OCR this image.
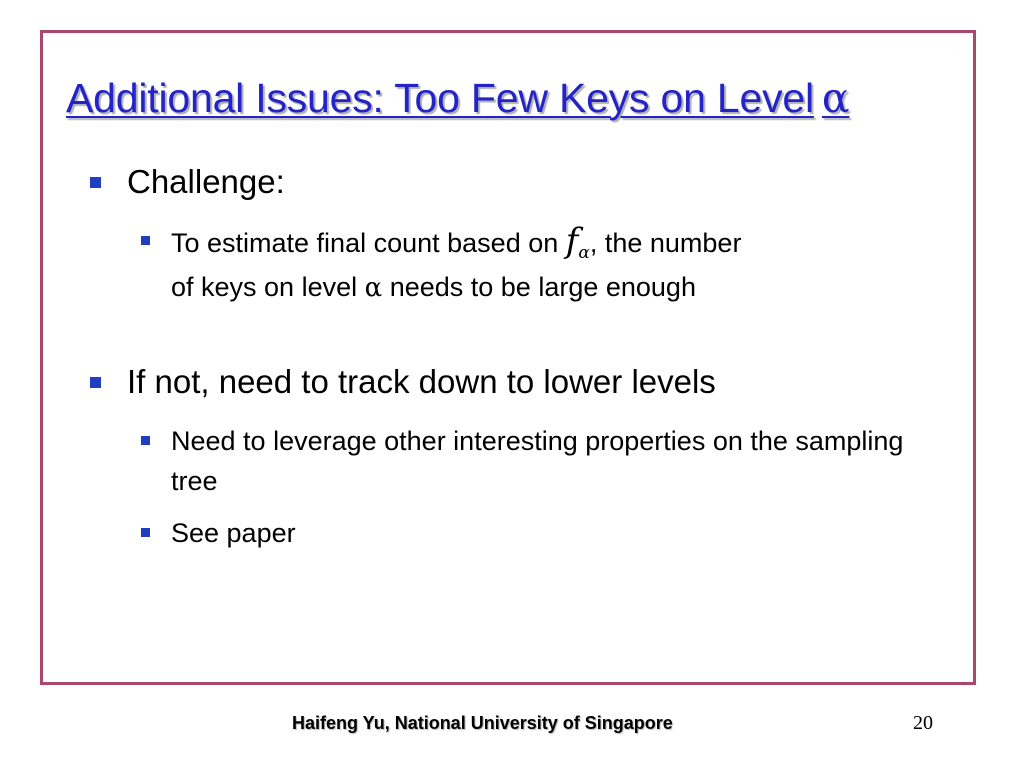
Additional Issues: Too Few Keys on Level α
Challenge:
To estimate final count based on $f_\alpha$, the number
of keys on level α needs to be large enough
If not, need to track down to lower levels
Need to leverage other interesting properties on the sampling tree
See paper
Haifeng Yu, National University of Singapore	20
